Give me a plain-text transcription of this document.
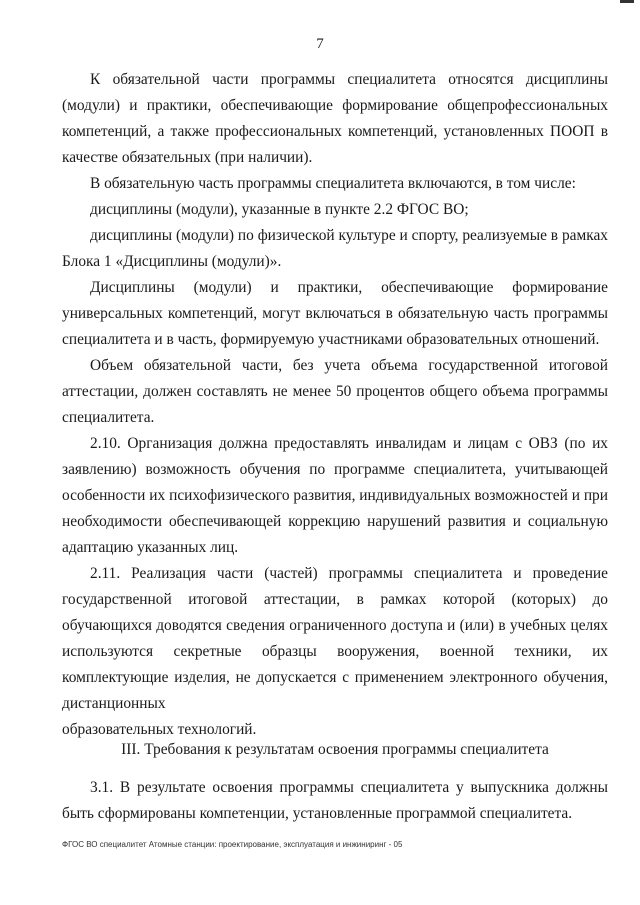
7

К обязательной части программы специалитета относятся дисциплины (модули) и практики, обеспечивающие формирование общепрофессиональных компетенций, а также профессиональных компетенций, установленных ПООП в качестве обязательных (при наличии).

В обязательную часть программы специалитета включаются, в том числе:

дисциплины (модули), указанные в пункте 2.2 ФГОС ВО;

дисциплины (модули) по физической культуре и спорту, реализуемые в рамках Блока 1 «Дисциплины (модули)».

Дисциплины (модули) и практики, обеспечивающие формирование универсальных компетенций, могут включаться в обязательную часть программы специалитета и в часть, формируемую участниками образовательных отношений.

Объем обязательной части, без учета объема государственной итоговой аттестации, должен составлять не менее 50 процентов общего объема программы специалитета.

2.10. Организация должна предоставлять инвалидам и лицам с ОВЗ (по их заявлению) возможность обучения по программе специалитета, учитывающей особенности их психофизического развития, индивидуальных возможностей и при необходимости обеспечивающей коррекцию нарушений развития и социальную адаптацию указанных лиц.

2.11. Реализация части (частей) программы специалитета и проведение государственной итоговой аттестации, в рамках которой (которых) до обучающихся доводятся сведения ограниченного доступа и (или) в учебных целях используются секретные образцы вооружения, военной техники, их комплектующие изделия, не допускается с применением электронного обучения, дистанционных

образовательных технологий.

III. Требования к результатам освоения программы специалитета

3.1. В результате освоения программы специалитета у выпускника должны быть сформированы компетенции, установленные программой специалитета.

ФГОС ВО специалитет Атомные станции: проектирование, эксплуатация и инжиниринг - 05
